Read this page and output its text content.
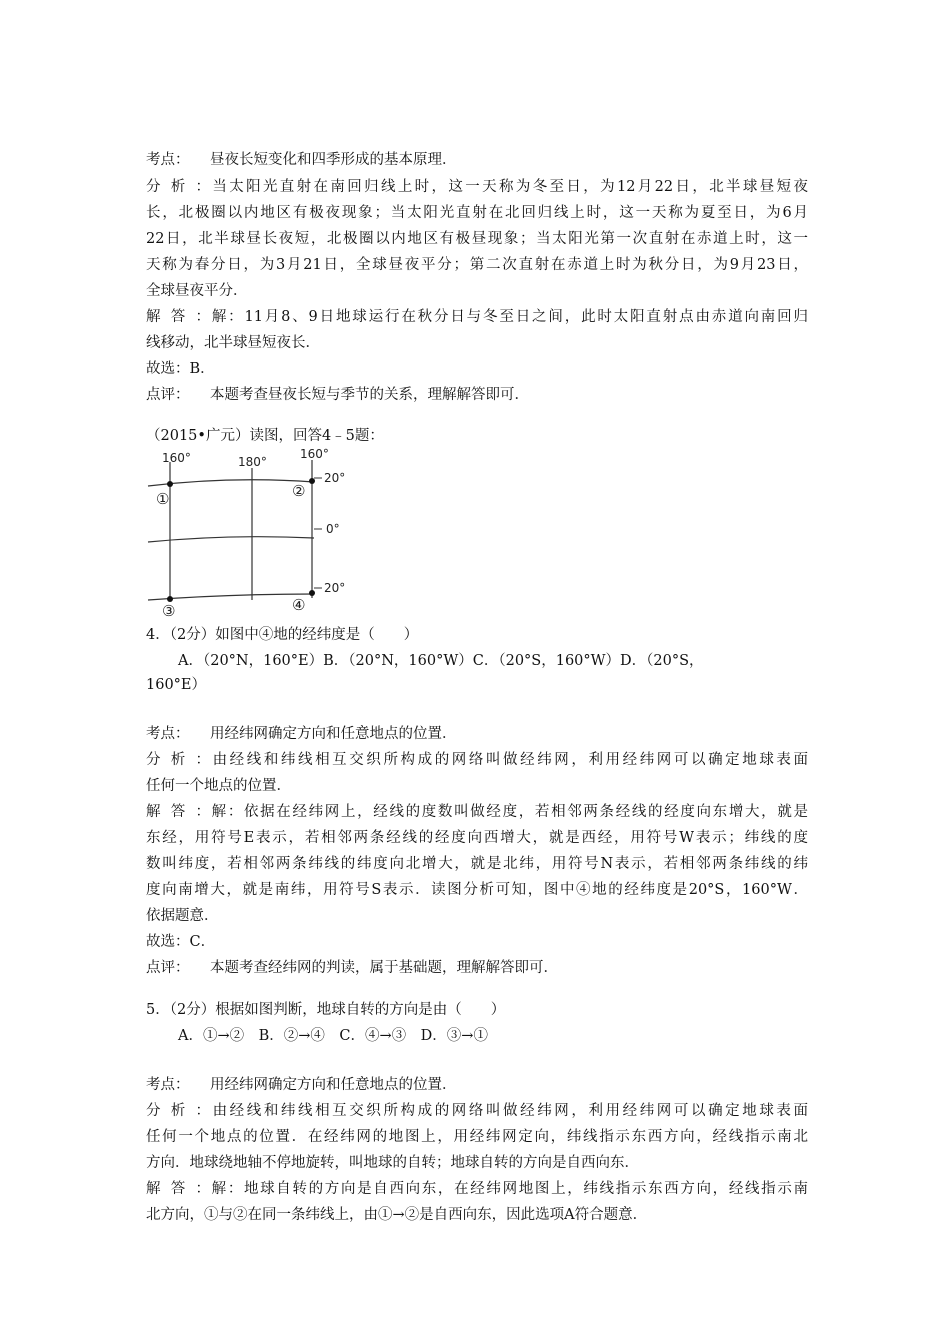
考点： 昼夜长短变化和四季形成的基本原理．
分析：当太阳光直射在南回归线上时，这一天称为冬至日，为12月22日，北半球昼短夜
长，北极圈以内地区有极夜现象；当太阳光直射在北回归线上时，这一天称为夏至日，为6月
22日，北半球昼长夜短，北极圈以内地区有极昼现象；当太阳光第一次直射在赤道上时，这一
天称为春分日，为3月21日，全球昼夜平分；第二次直射在赤道上时为秋分日，为9月23日，
全球昼夜平分．
解答：解：11月8、9日地球运行在秋分日与冬至日之间，此时太阳直射点由赤道向南回归
线移动，北半球昼短夜长．
故选：B．
点评： 本题考查昼夜长短与季节的关系，理解解答即可．
（2015•广元）读图，回答4﹣5题：
4．（2分）如图中④地的经纬度是（　　）
A．（20°N，160°E）B．（20°N，160°W）C．（20°S，160°W）D．（20°S，
160°E）
考点： 用经纬网确定方向和任意地点的位置．
分析：由经线和纬线相互交织所构成的网络叫做经纬网，利用经纬网可以确定地球表面
任何一个地点的位置．
解答：解：依据在经纬网上，经线的度数叫做经度，若相邻两条经线的经度向东增大，就是
东经，用符号E表示，若相邻两条经线的经度向西增大，就是西经，用符号W表示；纬线的度
数叫纬度，若相邻两条纬线的纬度向北增大，就是北纬，用符号N表示，若相邻两条纬线的纬
度向南增大，就是南纬，用符号S表示．读图分析可知，图中④地的经纬度是20°S，160°W．
依据题意．
故选：C．
点评： 本题考查经纬网的判读，属于基础题，理解解答即可．
5．（2分）根据如图判断，地球自转的方向是由（　　）
A．①→②　B．②→④　C．④→③　D．③→①
考点： 用经纬网确定方向和任意地点的位置．
分析：由经线和纬线相互交织所构成的网络叫做经纬网，利用经纬网可以确定地球表面
任何一个地点的位置．在经纬网的地图上，用经纬网定向，纬线指示东西方向，经线指示南北
方向．地球绕地轴不停地旋转，叫地球的自转；地球自转的方向是自西向东．
解答：解：地球自转的方向是自西向东，在经纬网地图上，纬线指示东西方向，经线指示南
北方向，①与②在同一条纬线上，由①→②是自西向东，因此选项A符合题意．
160°	180°
160°
20°
0°
20°
①	②
③	④
